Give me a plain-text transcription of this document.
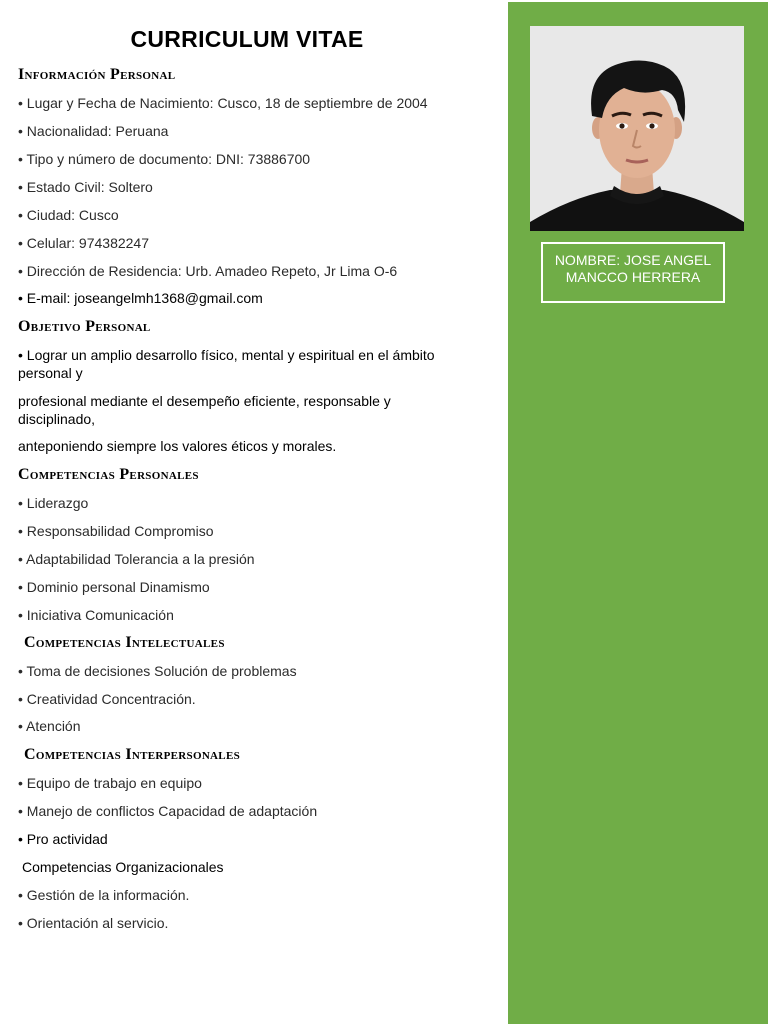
CURRICULUM VITAE
Información Personal
• Lugar y Fecha de Nacimiento: Cusco, 18 de septiembre de 2004
• Nacionalidad: Peruana
• Tipo y número de documento: DNI: 73886700
• Estado Civil: Soltero
• Ciudad: Cusco
• Celular: 974382247
• Dirección de Residencia: Urb. Amadeo Repeto, Jr Lima O-6
• E-mail: joseangelmh1368@gmail.com
Objetivo Personal
• Lograr un amplio desarrollo físico, mental y espiritual en el ámbito personal y
profesional mediante el desempeño eficiente, responsable y disciplinado,
anteponiendo siempre los valores éticos y morales.
Competencias Personales
• Liderazgo
• Responsabilidad Compromiso
• Adaptabilidad Tolerancia a la presión
• Dominio personal Dinamismo
• Iniciativa Comunicación
Competencias Intelectuales
• Toma de decisiones Solución de problemas
• Creatividad Concentración.
• Atención
Competencias Interpersonales
• Equipo de trabajo en equipo
• Manejo de conflictos Capacidad de adaptación
• Pro actividad
Competencias Organizacionales
• Gestión de la información.
• Orientación al servicio.
NOMBRE: JOSE ANGEL MANCCO HERRERA
